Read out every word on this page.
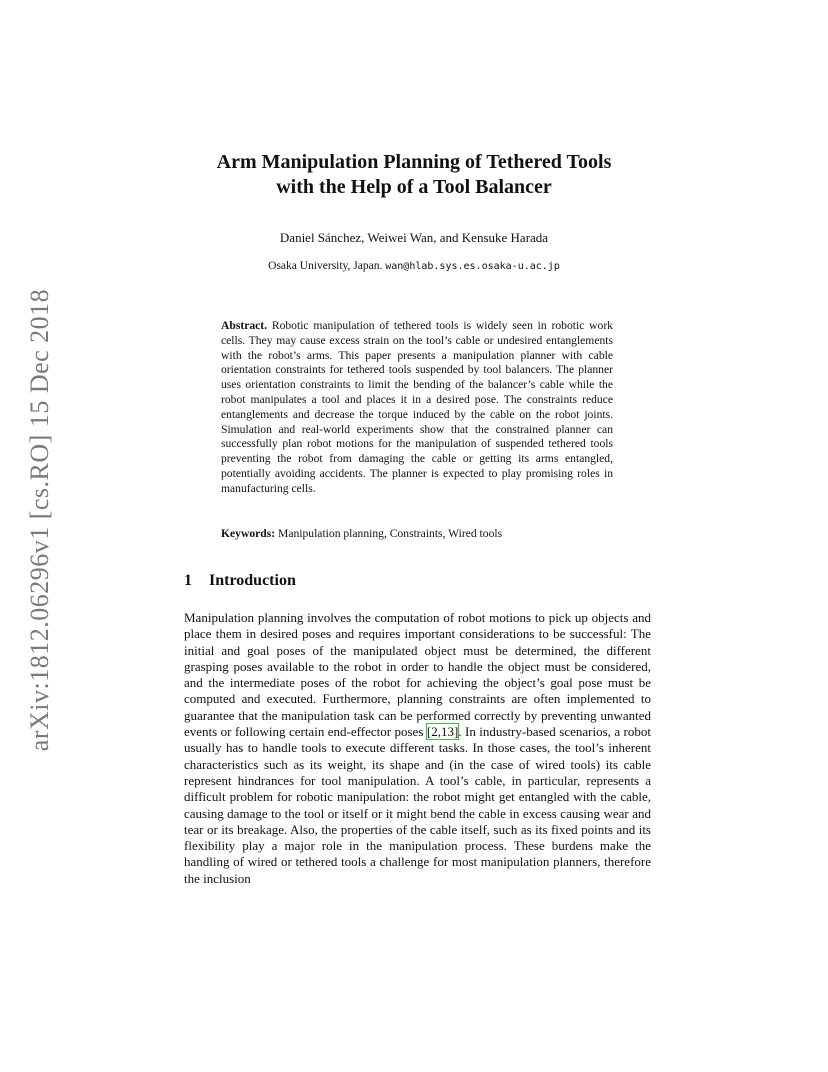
arXiv:1812.06296v1 [cs.RO] 15 Dec 2018
Arm Manipulation Planning of Tethered Tools
with the Help of a Tool Balancer
Daniel Sánchez, Weiwei Wan, and Kensuke Harada
Osaka University, Japan. wan@hlab.sys.es.osaka-u.ac.jp
Abstract. Robotic manipulation of tethered tools is widely seen in robotic work cells. They may cause excess strain on the tool’s cable or undesired entanglements with the robot’s arms. This paper presents a manipulation planner with cable orientation constraints for tethered tools suspended by tool balancers. The planner uses orientation constraints to limit the bending of the balancer’s cable while the robot manipulates a tool and places it in a desired pose. The constraints reduce entanglements and decrease the torque induced by the cable on the robot joints. Simulation and real-world experiments show that the constrained planner can successfully plan robot motions for the manipulation of suspended tethered tools preventing the robot from damaging the cable or getting its arms entangled, potentially avoiding accidents. The planner is expected to play promising roles in manufacturing cells.
Keywords: Manipulation planning, Constraints, Wired tools
1 Introduction
Manipulation planning involves the computation of robot motions to pick up objects and place them in desired poses and requires important considerations to be successful: The initial and goal poses of the manipulated object must be determined, the different grasping poses available to the robot in order to handle the object must be considered, and the intermediate poses of the robot for achieving the object’s goal pose must be computed and executed. Furthermore, planning constraints are often implemented to guarantee that the manipulation task can be performed correctly by preventing unwanted events or following certain end-effector poses [2,13]. In industry-based scenarios, a robot usually has to handle tools to execute different tasks. In those cases, the tool’s inherent characteristics such as its weight, its shape and (in the case of wired tools) its cable represent hindrances for tool manipulation. A tool’s cable, in particular, represents a difficult problem for robotic manipulation: the robot might get entangled with the cable, causing damage to the tool or itself or it might bend the cable in excess causing wear and tear or its breakage. Also, the properties of the cable itself, such as its fixed points and its flexibility play a major role in the manipulation process. These burdens make the handling of wired or tethered tools a challenge for most manipulation planners, therefore the inclusion
